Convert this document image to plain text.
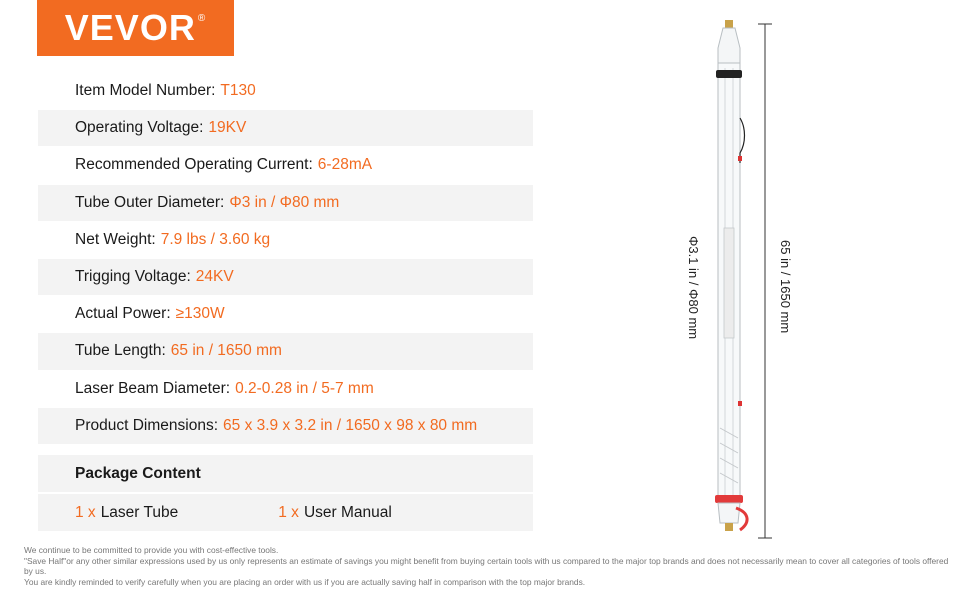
VEVOR®
Item Model Number: T130
Operating Voltage: 19KV
Recommended Operating Current: 6-28mA
Tube Outer Diameter: Φ3 in / Φ80 mm
Net Weight: 7.9 lbs / 3.60 kg
Trigging Voltage: 24KV
Actual Power: ≥130W
Tube Length: 65 in / 1650 mm
Laser Beam Diameter: 0.2-0.28 in / 5-7 mm
Product Dimensions: 65 x 3.9 x 3.2 in / 1650 x 98 x 80 mm
Package Content
1 x Laser Tube	1 x User Manual
Φ3.1 in / Φ80 mm	65 in / 1650 mm
We continue to be committed to provide you with cost-effective tools.
"Save Half"or any other similar expressions used by us only represents an estimate of savings you might benefit from buying certain tools with us compared to the major top brands and does not necessarily mean to cover all categories of tools offered by us.
You are kindly reminded to verify carefully when you are placing an order with us if you are actually saving half in comparison with the top major brands.
